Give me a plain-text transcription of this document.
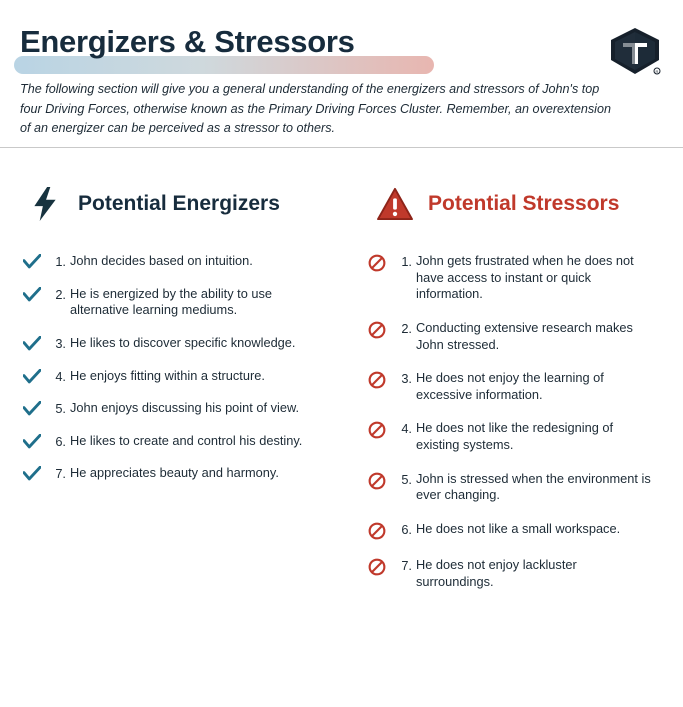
Energizers & Stressors
The following section will give you a general understanding of the energizers and stressors of John's top four Driving Forces, otherwise known as the Primary Driving Forces Cluster. Remember, an overextension of an energizer can be perceived as a stressor to others.
R
Potential Energizers
1. John decides based on intuition.
2. He is energized by the ability to use alternative learning mediums.
3. He likes to discover specific knowledge.
4. He enjoys fitting within a structure.
5. John enjoys discussing his point of view.
6. He likes to create and control his destiny.
7. He appreciates beauty and harmony.
Potential Stressors
1. John gets frustrated when he does not have access to instant or quick information.
2. Conducting extensive research makes John stressed.
3. He does not enjoy the learning of excessive information.
4. He does not like the redesigning of existing systems.
5. John is stressed when the environment is ever changing.
6. He does not like a small workspace.
7. He does not enjoy lackluster surroundings.
